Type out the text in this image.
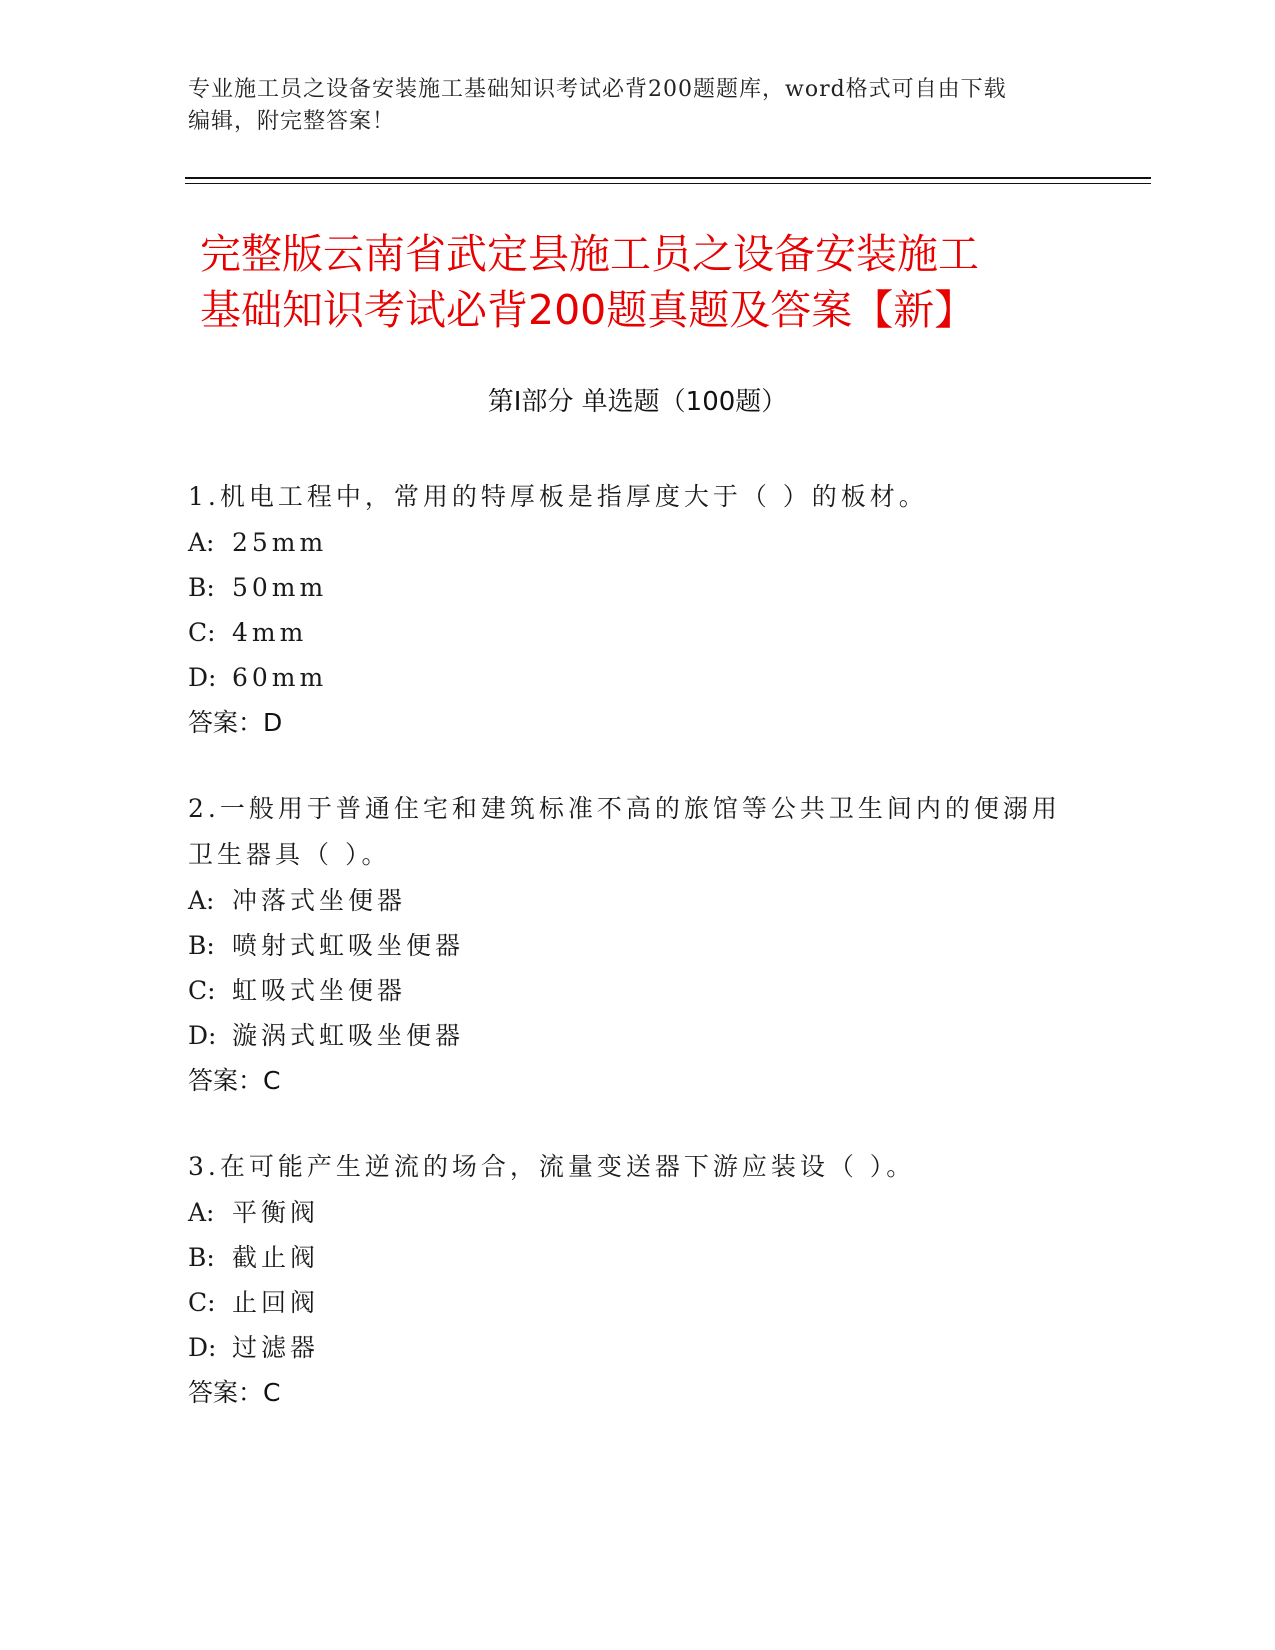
专业施工员之设备安装施工基础知识考试必背200题题库，word格式可自由下载
编辑，附完整答案！
完整版云南省武定县施工员之设备安装施工
基础知识考试必背200题真题及答案【新】
第Ⅰ部分 单选题（100题）

1.机电工程中，常用的特厚板是指厚度大于（ ）的板材。

A: 25mm

B: 50mm

C: 4mm

D: 60mm

答案：D

2.一般用于普通住宅和建筑标准不高的旅馆等公共卫生间内的便溺用

卫生器具（ ）。

A: 冲落式坐便器

B: 喷射式虹吸坐便器

C: 虹吸式坐便器

D: 漩涡式虹吸坐便器

答案：C

3.在可能产生逆流的场合，流量变送器下游应装设（ ）。

A: 平衡阀

B: 截止阀

C: 止回阀

D: 过滤器

答案：C
